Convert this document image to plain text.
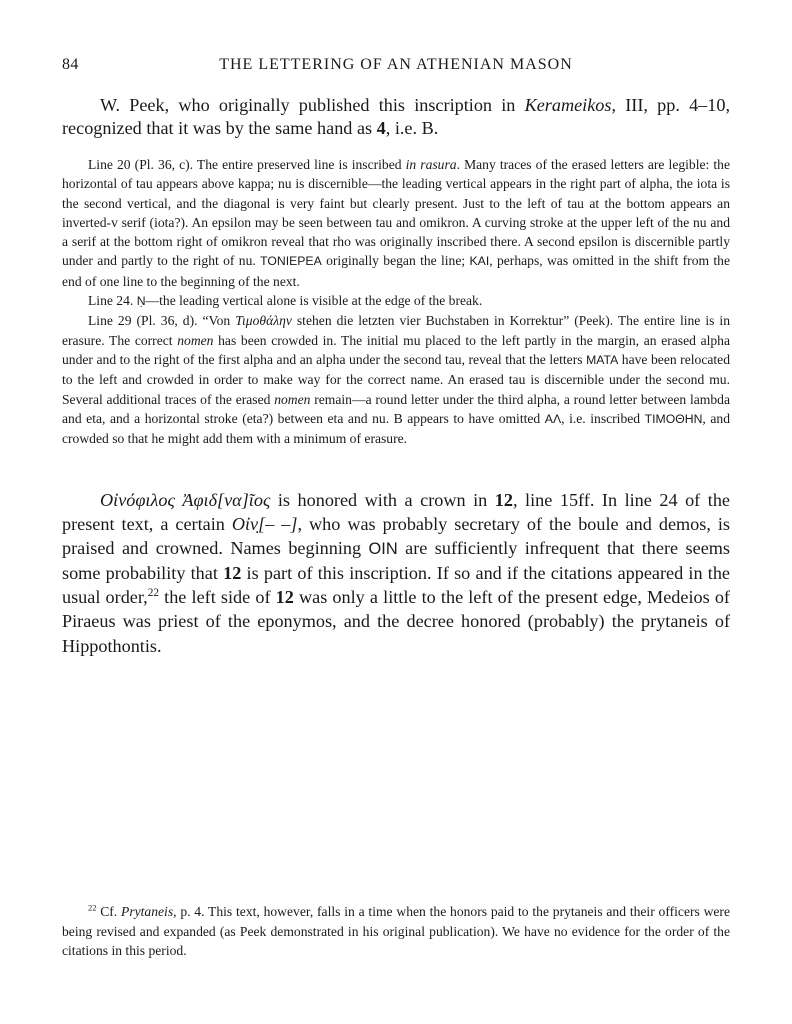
84	THE LETTERING OF AN ATHENIAN MASON

W. Peek, who originally published this inscription in Kerameikos, III, pp. 4–10, recognized that it was by the same hand as 4, i.e. B.

Line 20 (Pl. 36, c). The entire preserved line is inscribed in rasura. Many traces of the erased letters are legible: the horizontal of tau appears above kappa; nu is discernible—the leading vertical appears in the right part of alpha, the iota is the second vertical, and the diagonal is very faint but clearly present. Just to the left of tau at the bottom appears an inverted-v serif (iota?). An epsilon may be seen between tau and omikron. A curving stroke at the upper left of the nu and a serif at the bottom right of omikron reveal that rho was originally inscribed there. A second epsilon is discernible partly under and partly to the right of nu. TONIEPEA originally began the line; KAI, perhaps, was omitted in the shift from the end of one line to the beginning of the next.

Line 24. Ṇ—the leading vertical alone is visible at the edge of the break.

Line 29 (Pl. 36, d). “Von Τιμοθάλην stehen die letzten vier Buchstaben in Korrektur” (Peek). The entire line is in erasure. The correct nomen has been crowded in. The initial mu placed to the left partly in the margin, an erased alpha under and to the right of the first alpha and an alpha under the second tau, reveal that the letters MATA have been relocated to the left and crowded in order to make way for the correct name. An erased tau is discernible under the second mu. Several additional traces of the erased nomen remain—a round letter under the third alpha, a round letter between lambda and eta, and a horizontal stroke (eta?) between eta and nu. B appears to have omitted AΛ, i.e. inscribed TIMOΘHN, and crowded so that he might add them with a minimum of erasure.

Οἰνόφιλος Ἀφιδ[να]ῖος is honored with a crown in 12, line 15ff. In line 24 of the present text, a certain Οἰν̣[– –], who was probably secretary of the boule and demos, is praised and crowned. Names beginning OIN are sufficiently infrequent that there seems some probability that 12 is part of this inscription. If so and if the citations appeared in the usual order,$^{22}$ the left side of 12 was only a little to the left of the present edge, Medeios of Piraeus was priest of the eponymos, and the decree honored (probably) the prytaneis of Hippothontis.

$^{22}$ Cf. Prytaneis, p. 4. This text, however, falls in a time when the honors paid to the prytaneis and their officers were being revised and expanded (as Peek demonstrated in his original publication). We have no evidence for the order of the citations in this period.
